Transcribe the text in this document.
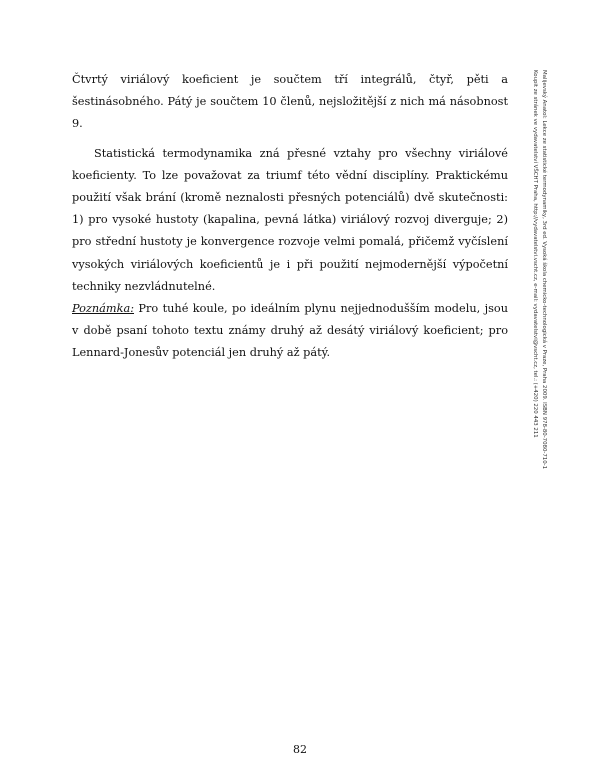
Čtvrtý viriálový koeficient je součtem tří integrálů, čtyř, pěti a šestinásobného. Pátý je součtem 10 členů, nejsložitější z nich má násobnost 9.

Statistická termodynamika zná přesné vztahy pro všechny viriálové koeficienty. To lze považovat za triumf této vědní disciplíny. Praktickému použití však brání (kromě neznalosti přesných potenciálů) dvě skutečnosti: 1) pro vysoké hustoty (kapalina, pevná látka) viriálový rozvoj diverguje; 2) pro střední hustoty je konvergence rozvoje velmi pomalá, přičemž vyčíslení vysokých viriálových koeficientů je i při použití nejmodernější výpočetní techniky nezvládnutelné.

Poznámka: Pro tuhé koule, po ideálním plynu nejjednodušším modelu, jsou v době psaní tohoto textu známy druhý až desátý viriálový koeficient; pro Lennard-Jonesův potenciál jen druhý až pátý.	Malijevský Anatol: Lekce ze statistické termodynamiky, 3rd ed. Vysoká škola chemicko-technologická v Praze, Praha 2009. ISBN 978-80-7080-710-1
Koupit ze stránek ve vydavatelství VŠCHT Praha, http://vydavatelstvi.vscht.cz, e-mail: vydavatelstvi@vscht.cz, tel.: (+420) 220 443 211
82
